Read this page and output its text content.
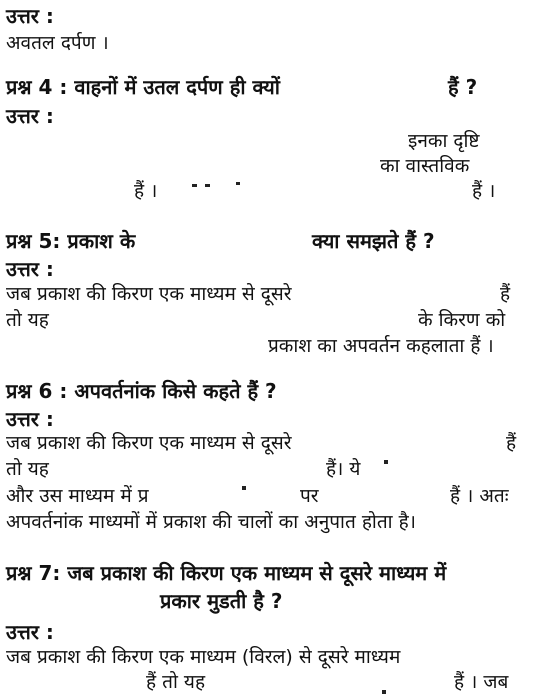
उत्तर :
अवतल दर्पण ।
प्रश्न 4 : वाहनों में उतल दर्पण ही क्यों	हैं ?
उत्तर :
इनका दृष्टि
का वास्तविक
हैं ।	हैं ।
प्रश्न 5: प्रकाश के	क्या समझते हैं ?
उत्तर :
जब प्रकाश की किरण एक माध्यम से दूसरे	हैं
तो यह	के किरण को
प्रकाश का अपवर्तन कहलाता हैं ।
प्रश्न 6 : अपवर्तनांक किसे कहते हैं ?
उत्तर :
जब प्रकाश की किरण एक माध्यम से दूसरे	हैं
तो यह	हैं। ये
और उस माध्यम में प्र	पर	हैं । अतः
अपवर्तनांक माध्यमों में प्रकाश की चालों का अनुपात होता है।
प्रश्न 7: जब प्रकाश की किरण एक माध्यम से दूसरे माध्यम में
प्रकार मुडती है ?
उत्तर :
जब प्रकाश की किरण एक माध्यम (विरल) से दूसरे माध्यम
हैं तो यह	हैं । जब
